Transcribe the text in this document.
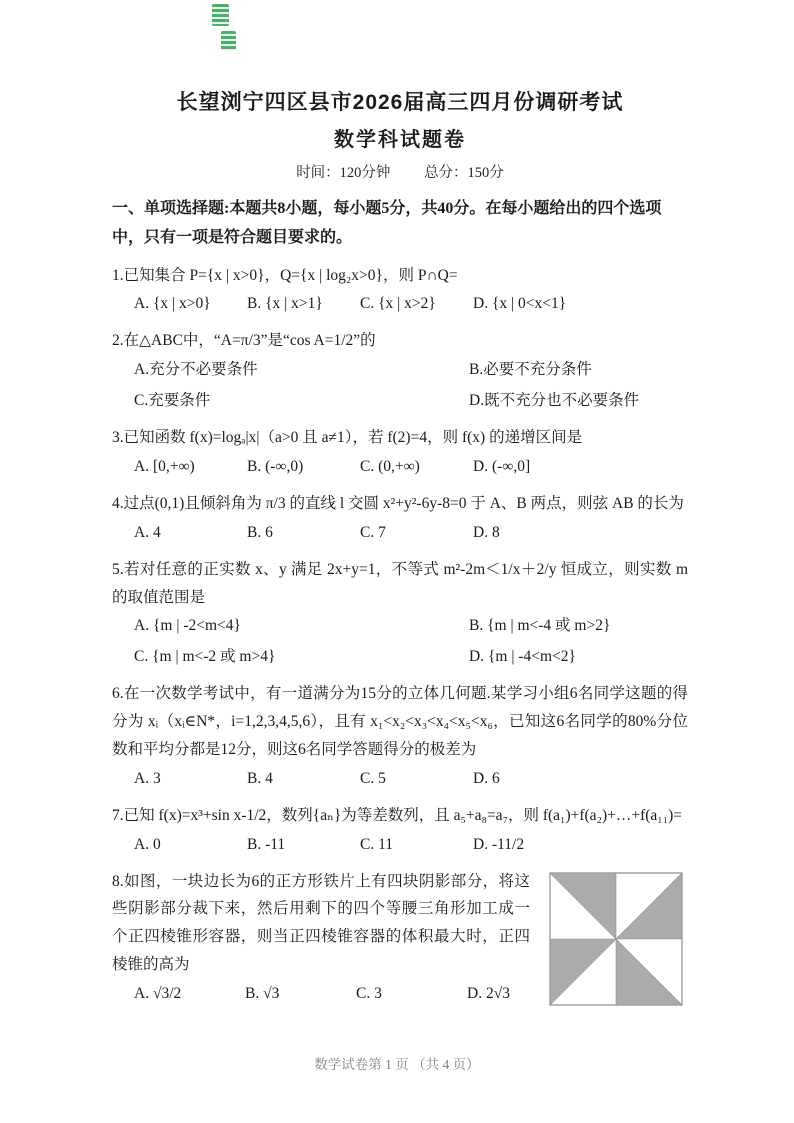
长望浏宁四区县市2026届高三四月份调研考试
数学科试题卷
时间：120分钟 总分：150分

一、单项选择题:本题共8小题，每小题5分，共40分。在每小题给出的四个选项中，只有一项是符合题目要求的。

1.已知集合 P={x | x>0}，Q={x | log₂x>0}，则 P∩Q=

A. {x | x>0}	B. {x | x>1}	C. {x | x>2}	D. {x | 0<x<1}

2.在△ABC中，“A=π/3”是“cos A=1/2”的

A.充分不必要条件	B.必要不充分条件
C.充要条件	D.既不充分也不必要条件

3.已知函数 f(x)=logₐ|x|（a>0 且 a≠1），若 f(2)=4，则 f(x) 的递增区间是

A. [0,+∞)	B. (-∞,0)	C. (0,+∞)	D. (-∞,0]

4.过点(0,1)且倾斜角为 π/3 的直线 l 交圆 x²+y²-6y-8=0 于 A、B 两点，则弦 AB 的长为

A. 4	B. 6	C. 7	D. 8

5.若对任意的正实数 x、y 满足 2x+y=1，不等式 m²-2m＜1/x＋2/y 恒成立，则实数 m 的取值范围是

A. {m | -2<m<4}	B. {m | m<-4 或 m>2}
C. {m | m<-2 或 m>4}	D. {m | -4<m<2}

6.在一次数学考试中，有一道满分为15分的立体几何题.某学习小组6名同学这题的得分为 xᵢ（xᵢ∈N*，i=1,2,3,4,5,6），且有 x₁<x₂<x₃<x₄<x₅<x₆，已知这6名同学的80%分位数和平均分都是12分，则这6名同学答题得分的极差为

A. 3	B. 4	C. 5	D. 6

7.已知 f(x)=x³+sin x-1/2，数列{aₙ}为等差数列，且 a₅+a₈=a₇，则 f(a₁)+f(a₂)+…+f(a₁₁)=

A. 0	B. -11	C. 11	D. -11/2

8.如图，一块边长为6的正方形铁片上有四块阴影部分，将这些阴影部分裁下来，然后用剩下的四个等腰三角形加工成一个正四棱锥形容器，则当正四棱锥容器的体积最大时，正四棱锥的高为

A. √3/2	B. √3	C. 3	D. 2√3
数学试卷第 1 页 （共 4 页）
